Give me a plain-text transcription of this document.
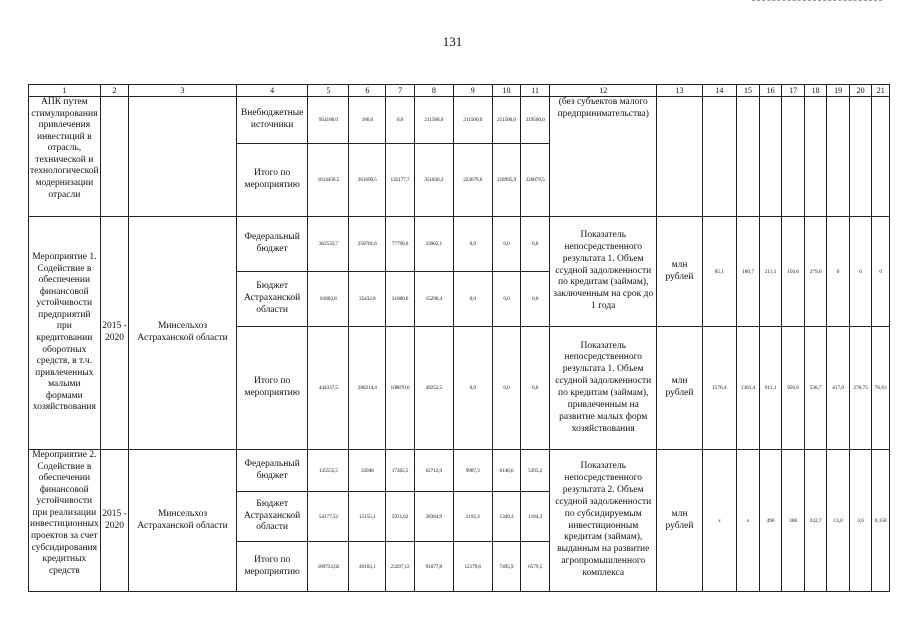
131
1	2	3	4	5	6	7	8	9	10	11	12	13	14	15	16	17	18	19	20	21
АПК путем стимулирования привлечения инвестиций в отрасль, технической и технологической модернизации отрасли			Внебюджетные источники	954186,0	186,0	0,0	211500,0	211500,0	211500,0	319500,0	(без субъектов малого предпринимательства)									
			Итого по мероприятию	1614458,5	361690,5	132177,7	351830,3	223679,6	218995,9	326079,5										
Мероприятие 1. Содействие в обеспечении финансовой устойчивости предприятий при кредитовании оборотных средств, в т.ч. привлеченных малыми формами хозяйствования	2015 - 2020	Минсельхоз Астраханской области	Федеральный бюджет	362533,7	250781,6	77790,0	33962,1	0,0	0,0	0,0	Показатель непосредственного результата 1. Объем ссудной задолженности по кредитам (займам), заключенным на срок до 1 года	млн рублей	85,1	180,7	211,1	150,6	279,6	0	0	0
			Бюджет Астраханской области	81803,8	35432,8	31080,6	15290,4	0,0	0,0	0,0										
			Итого по мероприятию	444337,5	286214,4	108870,6	49252,5	0,0	0,0	0,0	Показатель непосредственного результата 1. Объем ссудной задолженности по кредитам (займам), привлеченным на развитие малых форм хозяйствования	млн рублей	1576,4	1381,4	911,1	956,6	538,7	417,0	276,75	76,63
Мероприятие 2. Содействие в обеспечении финансовой устойчивости при реализации инвестиционных проектов за счет субсидирования кредитных средств	2015 - 2020	Минсельхоз Астраханской области	Федеральный бюджет	135555,5	33948	17365,5	62712,9	9987,3	6146,6	5395,2	Показатель непосредственного результата 2. Объем ссудной задолженности по субсидируемым инвестиционным кредитам (займам), выданным на развитие агропромышленного комплекса	млн рублей	x	x	496	368	242,7	13,0	3,6	0,158
			Бюджет Астраханской области	54177,52	15155,1	5931,62	28364,9	2192,3	1349,3	1184,3										
			Итого по мероприятию	189733,02	49103,1	23297,12	91077,8	12179,6	7495,9	6579,5										
